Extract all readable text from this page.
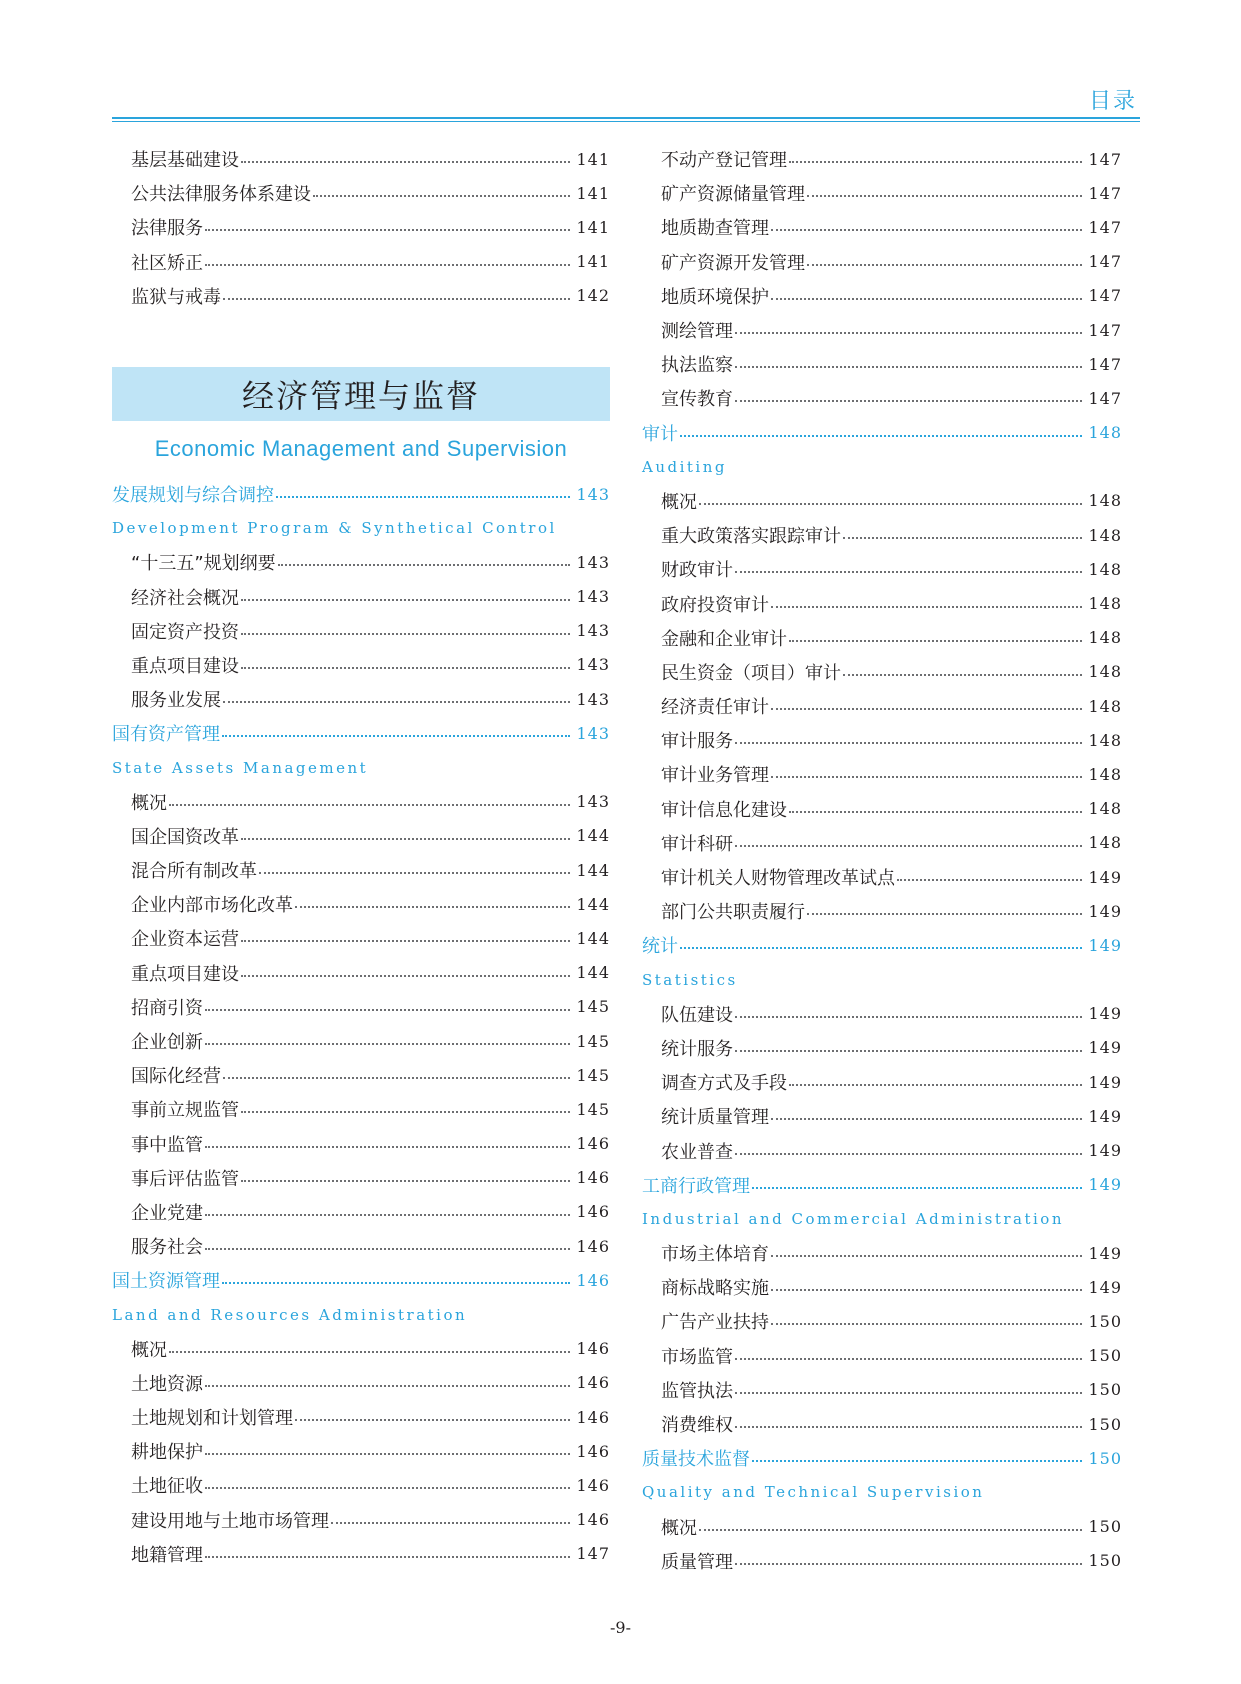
目录
基层基础建设	141
公共法律服务体系建设	141
法律服务	141
社区矫正	141
监狱与戒毒	142
经济管理与监督
Economic Management and Supervision
发展规划与综合调控	143
Development Program & Synthetical Control
“十三五”规划纲要	143
经济社会概况	143
固定资产投资	143
重点项目建设	143
服务业发展	143
国有资产管理	143
State Assets Management
概况	143
国企国资改革	144
混合所有制改革	144
企业内部市场化改革	144
企业资本运营	144
重点项目建设	144
招商引资	145
企业创新	145
国际化经营	145
事前立规监管	145
事中监管	146
事后评估监管	146
企业党建	146
服务社会	146
国土资源管理	146
Land and Resources Administration
概况	146
土地资源	146
土地规划和计划管理	146
耕地保护	146
土地征收	146
建设用地与土地市场管理	146
地籍管理	147
不动产登记管理	147
矿产资源储量管理	147
地质勘查管理	147
矿产资源开发管理	147
地质环境保护	147
测绘管理	147
执法监察	147
宣传教育	147
审计	148
Auditing
概况	148
重大政策落实跟踪审计	148
财政审计	148
政府投资审计	148
金融和企业审计	148
民生资金（项目）审计	148
经济责任审计	148
审计服务	148
审计业务管理	148
审计信息化建设	148
审计科研	148
审计机关人财物管理改革试点	149
部门公共职责履行	149
统计	149
Statistics
队伍建设	149
统计服务	149
调查方式及手段	149
统计质量管理	149
农业普查	149
工商行政管理	149
Industrial and Commercial Administration
市场主体培育	149
商标战略实施	149
广告产业扶持	150
市场监管	150
监管执法	150
消费维权	150
质量技术监督	150
Quality and Technical Supervision
概况	150
质量管理	150
-9-
